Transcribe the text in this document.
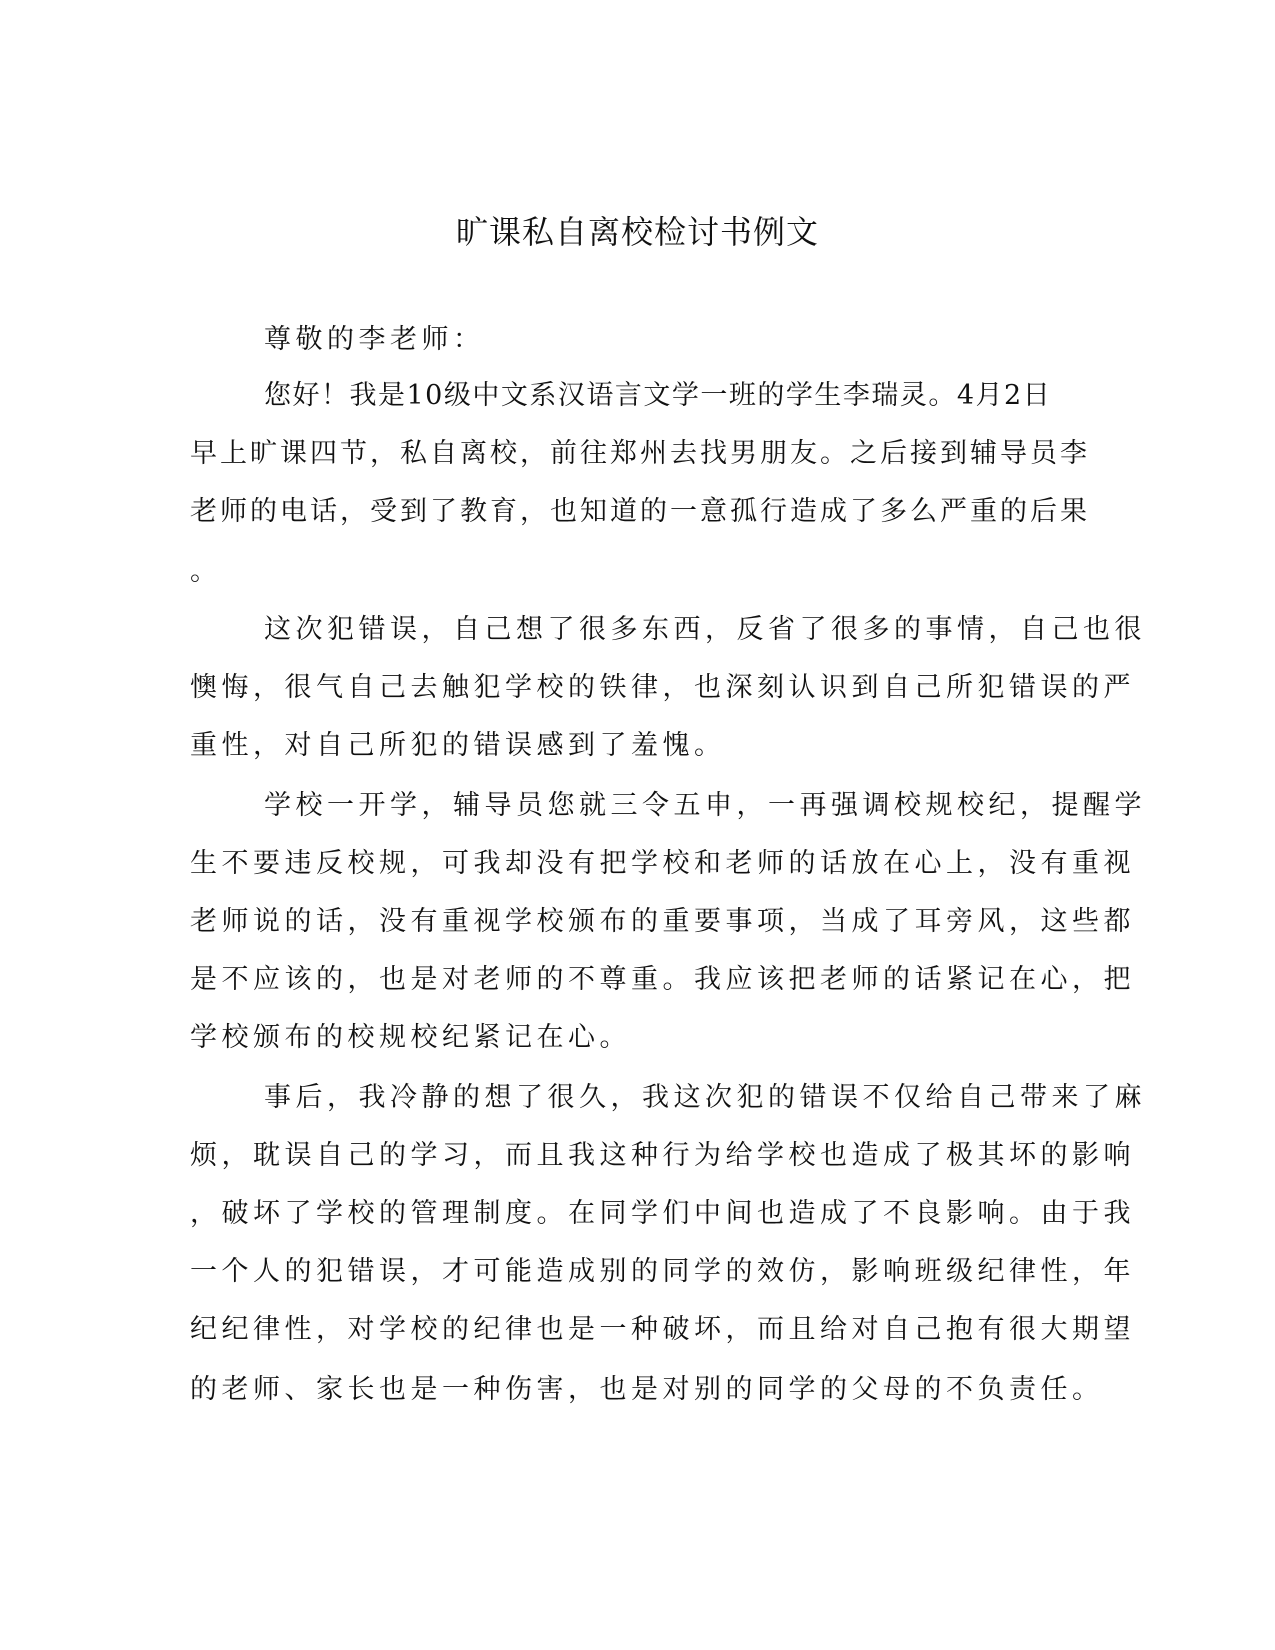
旷课私自离校检讨书例文
尊敬的李老师：
您好！我是10级中文系汉语言文学一班的学生李瑞灵。4月2日
早上旷课四节，私自离校，前往郑州去找男朋友。之后接到辅导员李
老师的电话，受到了教育，也知道的一意孤行造成了多么严重的后果
。
这次犯错误，自己想了很多东西，反省了很多的事情，自己也很
懊悔，很气自己去触犯学校的铁律，也深刻认识到自己所犯错误的严
重性，对自己所犯的错误感到了羞愧。
学校一开学，辅导员您就三令五申，一再强调校规校纪，提醒学
生不要违反校规，可我却没有把学校和老师的话放在心上，没有重视
老师说的话，没有重视学校颁布的重要事项，当成了耳旁风，这些都
是不应该的，也是对老师的不尊重。我应该把老师的话紧记在心，把
学校颁布的校规校纪紧记在心。
事后，我冷静的想了很久，我这次犯的错误不仅给自己带来了麻
烦，耽误自己的学习，而且我这种行为给学校也造成了极其坏的影响
，破坏了学校的管理制度。在同学们中间也造成了不良影响。由于我
一个人的犯错误，才可能造成别的同学的效仿，影响班级纪律性，年
纪纪律性，对学校的纪律也是一种破坏，而且给对自己抱有很大期望
的老师、家长也是一种伤害，也是对别的同学的父母的不负责任。
